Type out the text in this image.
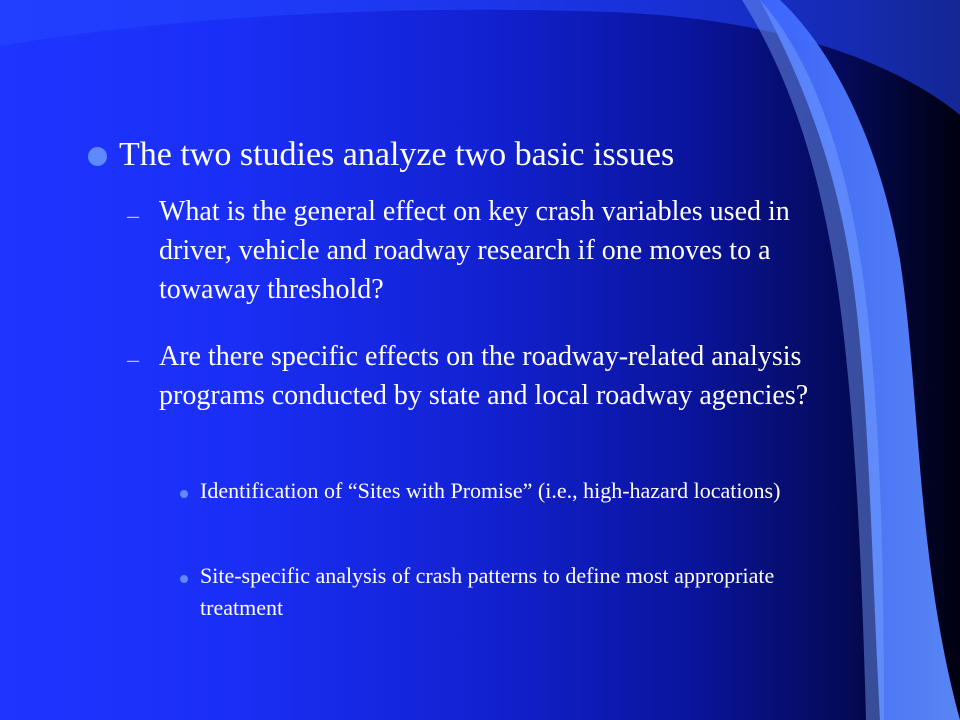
The two studies analyze two basic issues

– What is the general effect on key crash variables used in driver, vehicle and roadway research if one moves to a towaway threshold?

– Are there specific effects on the roadway-related analysis programs conducted by state and local roadway agencies?

Identification of “Sites with Promise” (i.e., high-hazard locations)

Site-specific analysis of crash patterns to define most appropriate treatment
